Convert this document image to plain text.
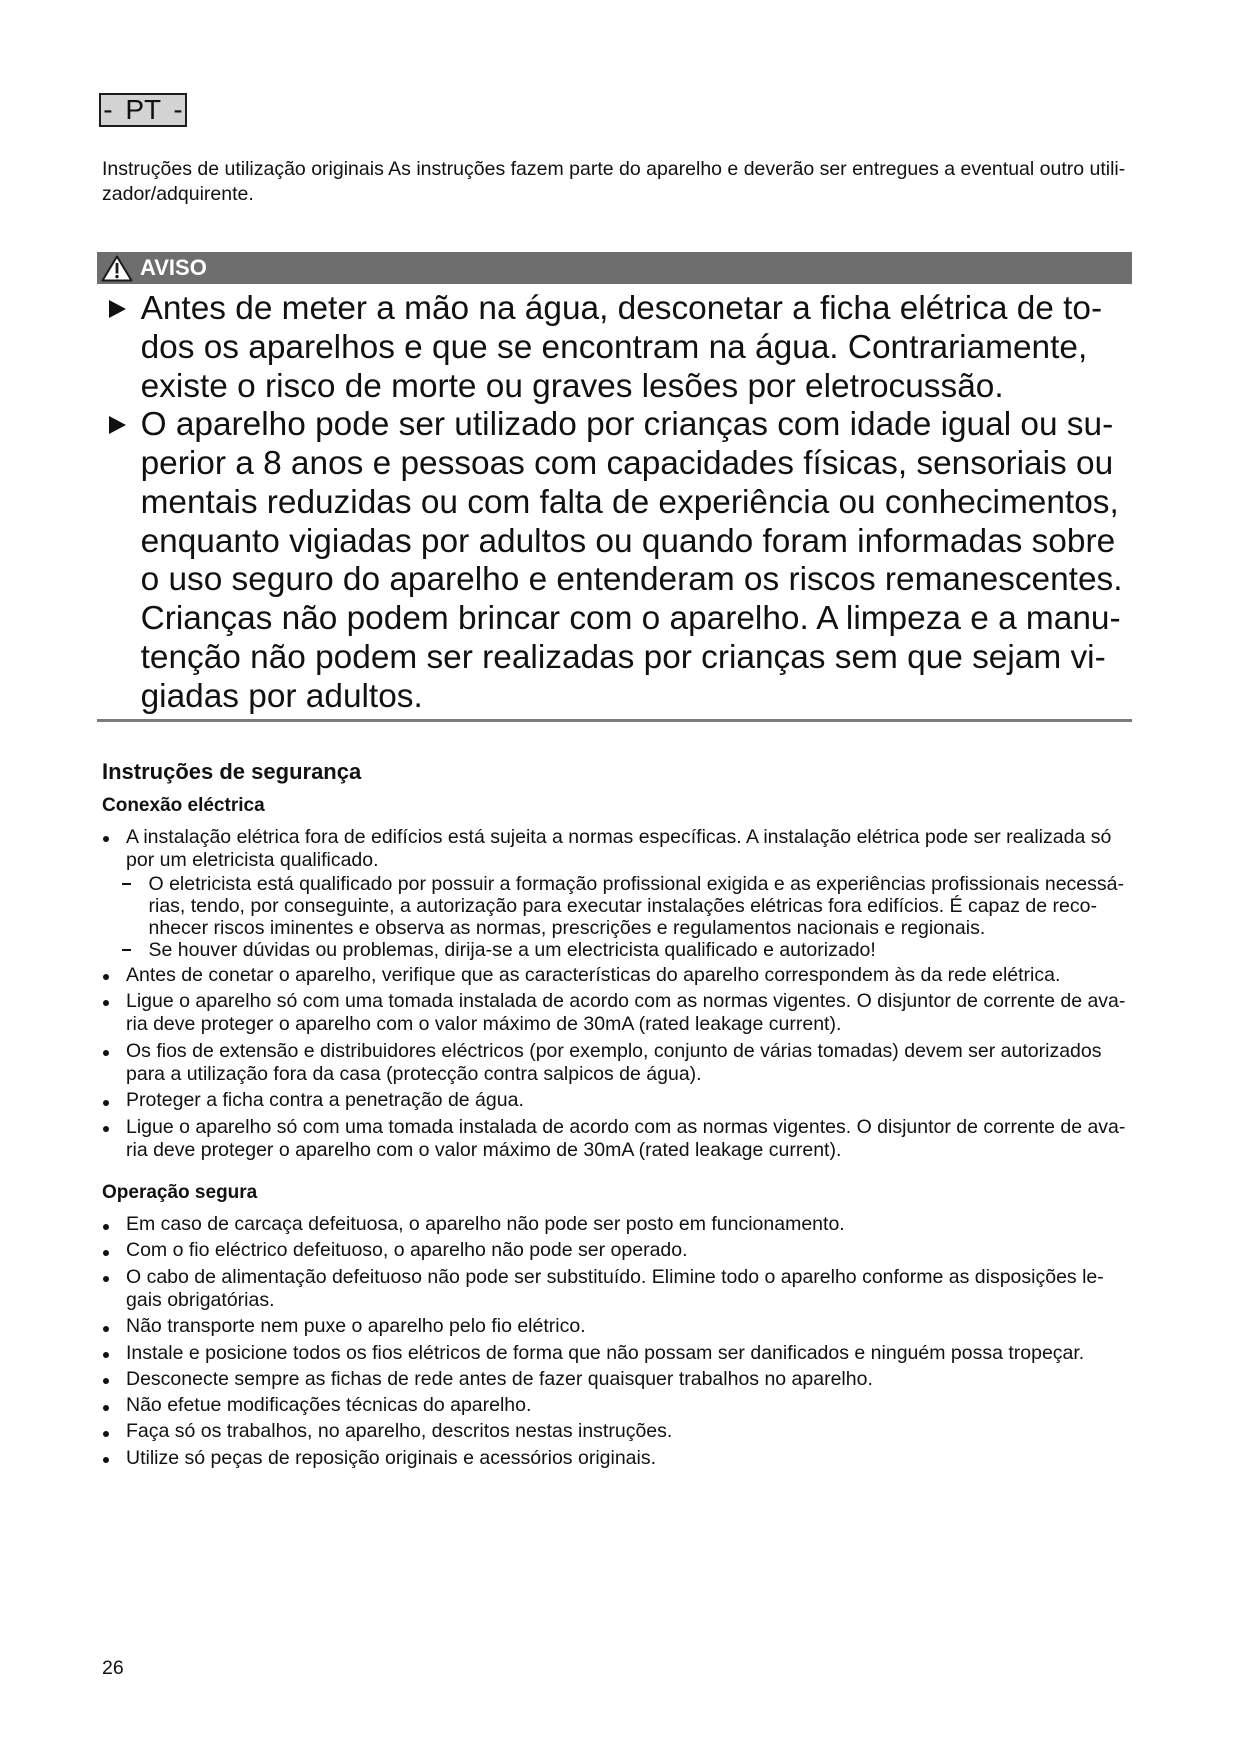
- PT -
Instruções de utilização originais As instruções fazem parte do aparelho e deverão ser entregues a eventual outro utili-
zador/adquirente.
AVISO
Antes de meter a mão na água, desconetar a ficha elétrica de to-
dos os aparelhos e que se encontram na água. Contrariamente,
existe o risco de morte ou graves lesões por eletrocussão.
O aparelho pode ser utilizado por crianças com idade igual ou su-
perior a 8 anos e pessoas com capacidades físicas, sensoriais ou
mentais reduzidas ou com falta de experiência ou conhecimentos,
enquanto vigiadas por adultos ou quando foram informadas sobre
o uso seguro do aparelho e entenderam os riscos remanescentes.
Crianças não podem brincar com o aparelho. A limpeza e a manu-
tenção não podem ser realizadas por crianças sem que sejam vi-
giadas por adultos.
Instruções de segurança
Conexão eléctrica
A instalação elétrica fora de edifícios está sujeita a normas específicas. A instalação elétrica pode ser realizada só
por um eletricista qualificado.
O eletricista está qualificado por possuir a formação profissional exigida e as experiências profissionais necessá-
rias, tendo, por conseguinte, a autorização para executar instalações elétricas fora edifícios. É capaz de reco-
nhecer riscos iminentes e observa as normas, prescrições e regulamentos nacionais e regionais.
Se houver dúvidas ou problemas, dirija-se a um electricista qualificado e autorizado!
Antes de conetar o aparelho, verifique que as características do aparelho correspondem às da rede elétrica.
Ligue o aparelho só com uma tomada instalada de acordo com as normas vigentes. O disjuntor de corrente de ava-
ria deve proteger o aparelho com o valor máximo de 30mA (rated leakage current).
Os fios de extensão e distribuidores eléctricos (por exemplo, conjunto de várias tomadas) devem ser autorizados
para a utilização fora da casa (protecção contra salpicos de água).
Proteger a ficha contra a penetração de água.
Ligue o aparelho só com uma tomada instalada de acordo com as normas vigentes. O disjuntor de corrente de ava-
ria deve proteger o aparelho com o valor máximo de 30mA (rated leakage current).
Operação segura
Em caso de carcaça defeituosa, o aparelho não pode ser posto em funcionamento.
Com o fio eléctrico defeituoso, o aparelho não pode ser operado.
O cabo de alimentação defeituoso não pode ser substituído. Elimine todo o aparelho conforme as disposições le-
gais obrigatórias.
Não transporte nem puxe o aparelho pelo fio elétrico.
Instale e posicione todos os fios elétricos de forma que não possam ser danificados e ninguém possa tropeçar.
Desconecte sempre as fichas de rede antes de fazer quaisquer trabalhos no aparelho.
Não efetue modificações técnicas do aparelho.
Faça só os trabalhos, no aparelho, descritos nestas instruções.
Utilize só peças de reposição originais e acessórios originais.
26
